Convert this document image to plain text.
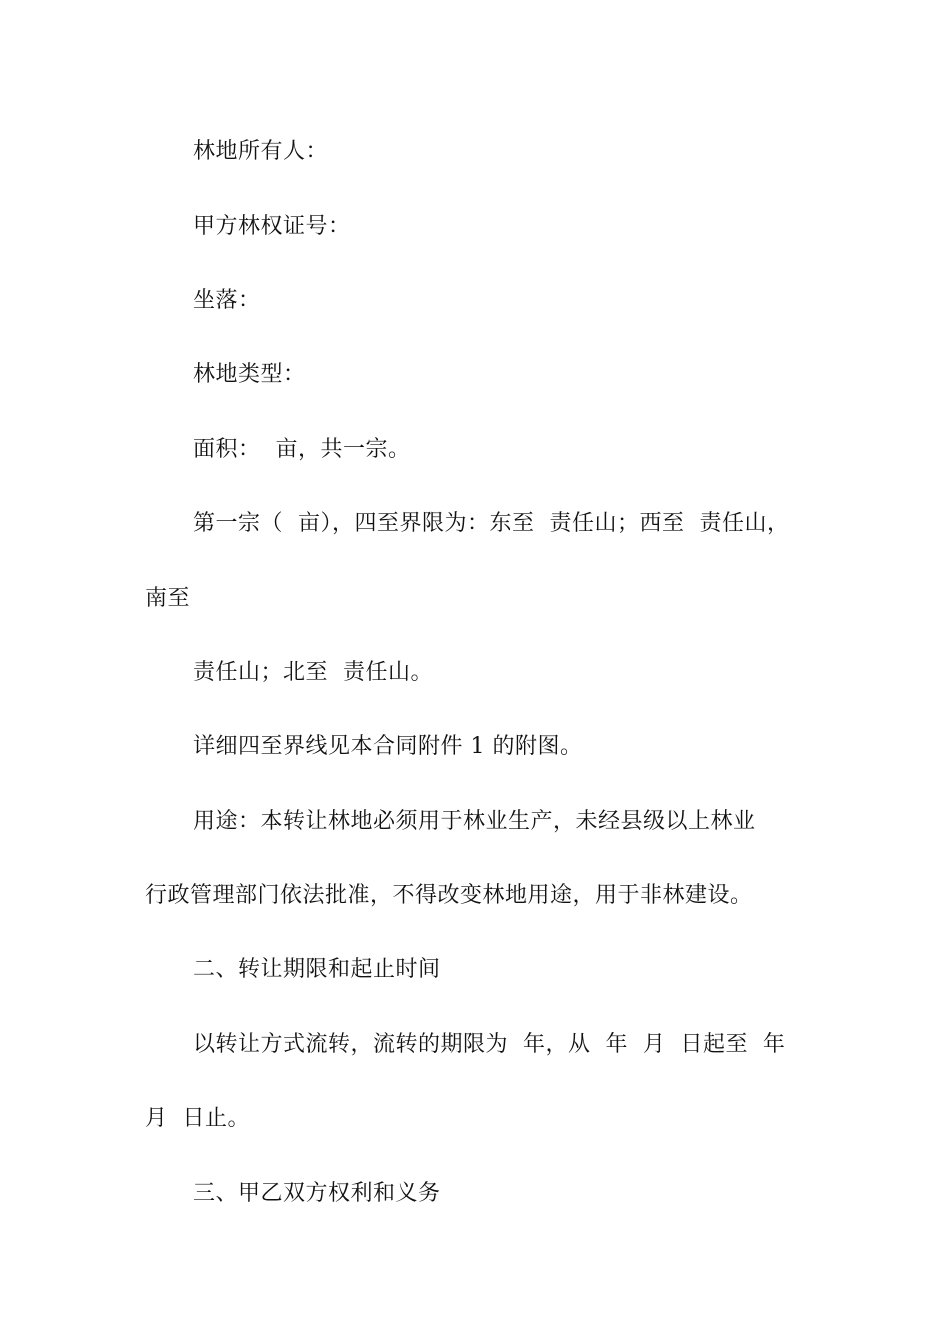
林地所有人：
甲方林权证号：
坐落：
林地类型：
面积：  亩，共一宗。
第一宗（  亩），四至界限为：东至  责任山；西至  责任山，
南至
责任山；北至  责任山。
详细四至界线见本合同附件 1 的附图。
用途：本转让林地必须用于林业生产，未经县级以上林业
行政管理部门依法批准，不得改变林地用途，用于非林建设。
二、转让期限和起止时间
以转让方式流转，流转的期限为  年，从  年  月  日起至  年
月  日止。
三、甲乙双方权利和义务
